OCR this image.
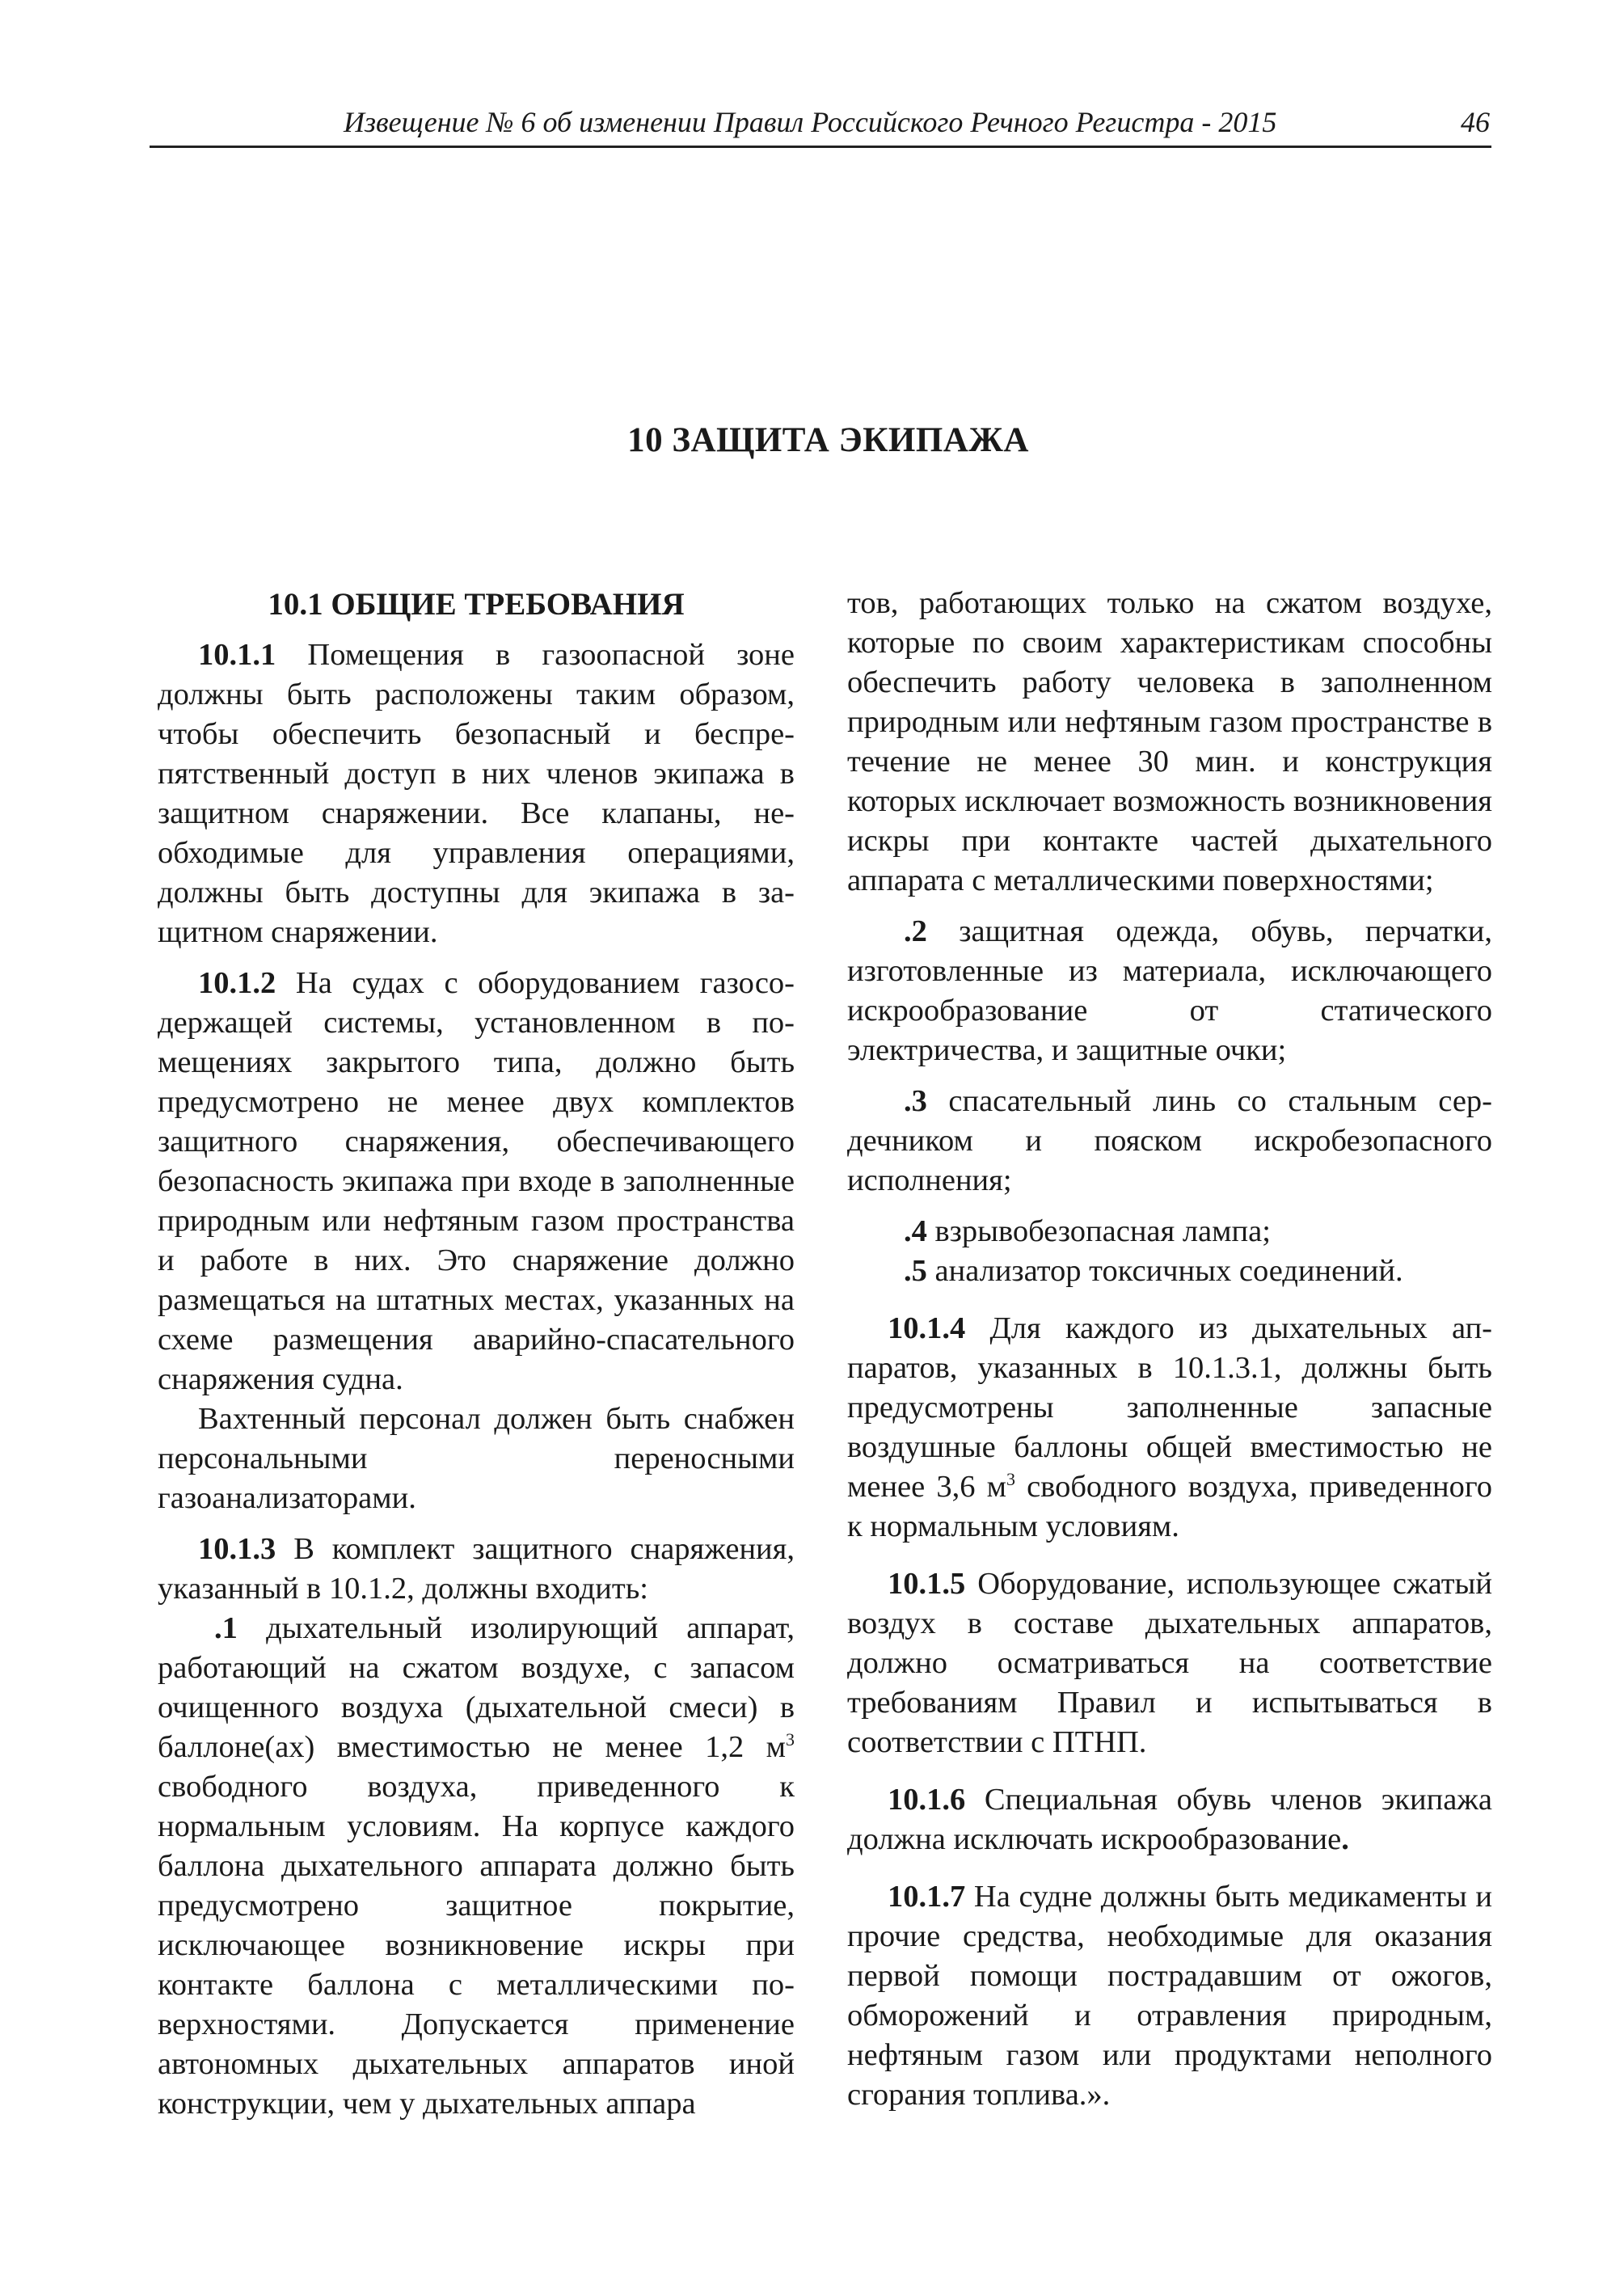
Извещение № 6 об изменении Правил Российского Речного Регистра - 2015	46
10 ЗАЩИТА ЭКИПАЖА
10.1 ОБЩИЕ ТРЕБОВАНИЯ

10.1.1 Помещения в газоопасной зоне должны быть расположены таким образом, чтобы обеспечить безопасный и беспрепятственный доступ в них членов экипажа в защитном снаряжении. Все клапаны, необходимые для управления операциями, должны быть доступны для экипажа в защитном снаряжении.

10.1.2 На судах с оборудованием газосодержащей системы, установленном в помещениях закрытого типа, должно быть предусмотрено не менее двух комплектов защитного снаряжения, обеспечивающего безопасность экипажа при входе в заполненные природным или нефтяным газом пространства и работе в них. Это снаряжение должно размещаться на штатных местах, указанных на схеме размещения аварийно-спасательного снаряжения судна.

Вахтенный персонал должен быть снабжен персональными переносными газоанализаторами.

10.1.3 В комплект защитного снаряжения, указанный в 10.1.2, должны входить:

.1 дыхательный изолирующий аппарат, работающий на сжатом воздухе, с запасом очищенного воздуха (дыхательной смеси) в баллоне(ах) вместимостью не менее 1,2 $м^3$ свободного воздуха, приведенного к нормальным условиям. На корпусе каждого баллона дыхательного аппарата должно быть предусмотрено защитное покрытие, исключающее возникновение искры при контакте баллона с металлическими поверхностями. Допускается применение автономных дыхательных аппаратов иной конструкции, чем у дыхательных аппара

тов, работающих только на сжатом воздухе, которые по своим характеристикам способны обеспечить работу человека в заполненном природным или нефтяным газом пространстве в течение не менее 30 мин. и конструкция которых исключает возможность возникновения искры при контакте частей дыхательного аппарата с металлическими поверхностями;

.2 защитная одежда, обувь, перчатки, изготовленные из материала, исключающего искрообразование от статического электричества, и защитные очки;

.3 спасательный линь со стальным сердечником и пояском искробезопасного исполнения;

.4 взрывобезопасная лампа;

.5 анализатор токсичных соединений.

10.1.4 Для каждого из дыхательных аппаратов, указанных в 10.1.3.1, должны быть предусмотрены заполненные запасные воздушные баллоны общей вместимостью не менее 3,6 $м^3$ свободного воздуха, приведенного к нормальным условиям.

10.1.5 Оборудование, использующее сжатый воздух в составе дыхательных аппаратов, должно осматриваться на соответствие требованиям Правил и испытываться в соответствии с ПТНП.

10.1.6 Специальная обувь членов экипажа должна исключать искрообразование.

10.1.7 На судне должны быть медикаменты и прочие средства, необходимые для оказания первой помощи пострадавшим от ожогов, обморожений и отравления природным, нефтяным газом или продуктами неполного сгорания топлива.».
